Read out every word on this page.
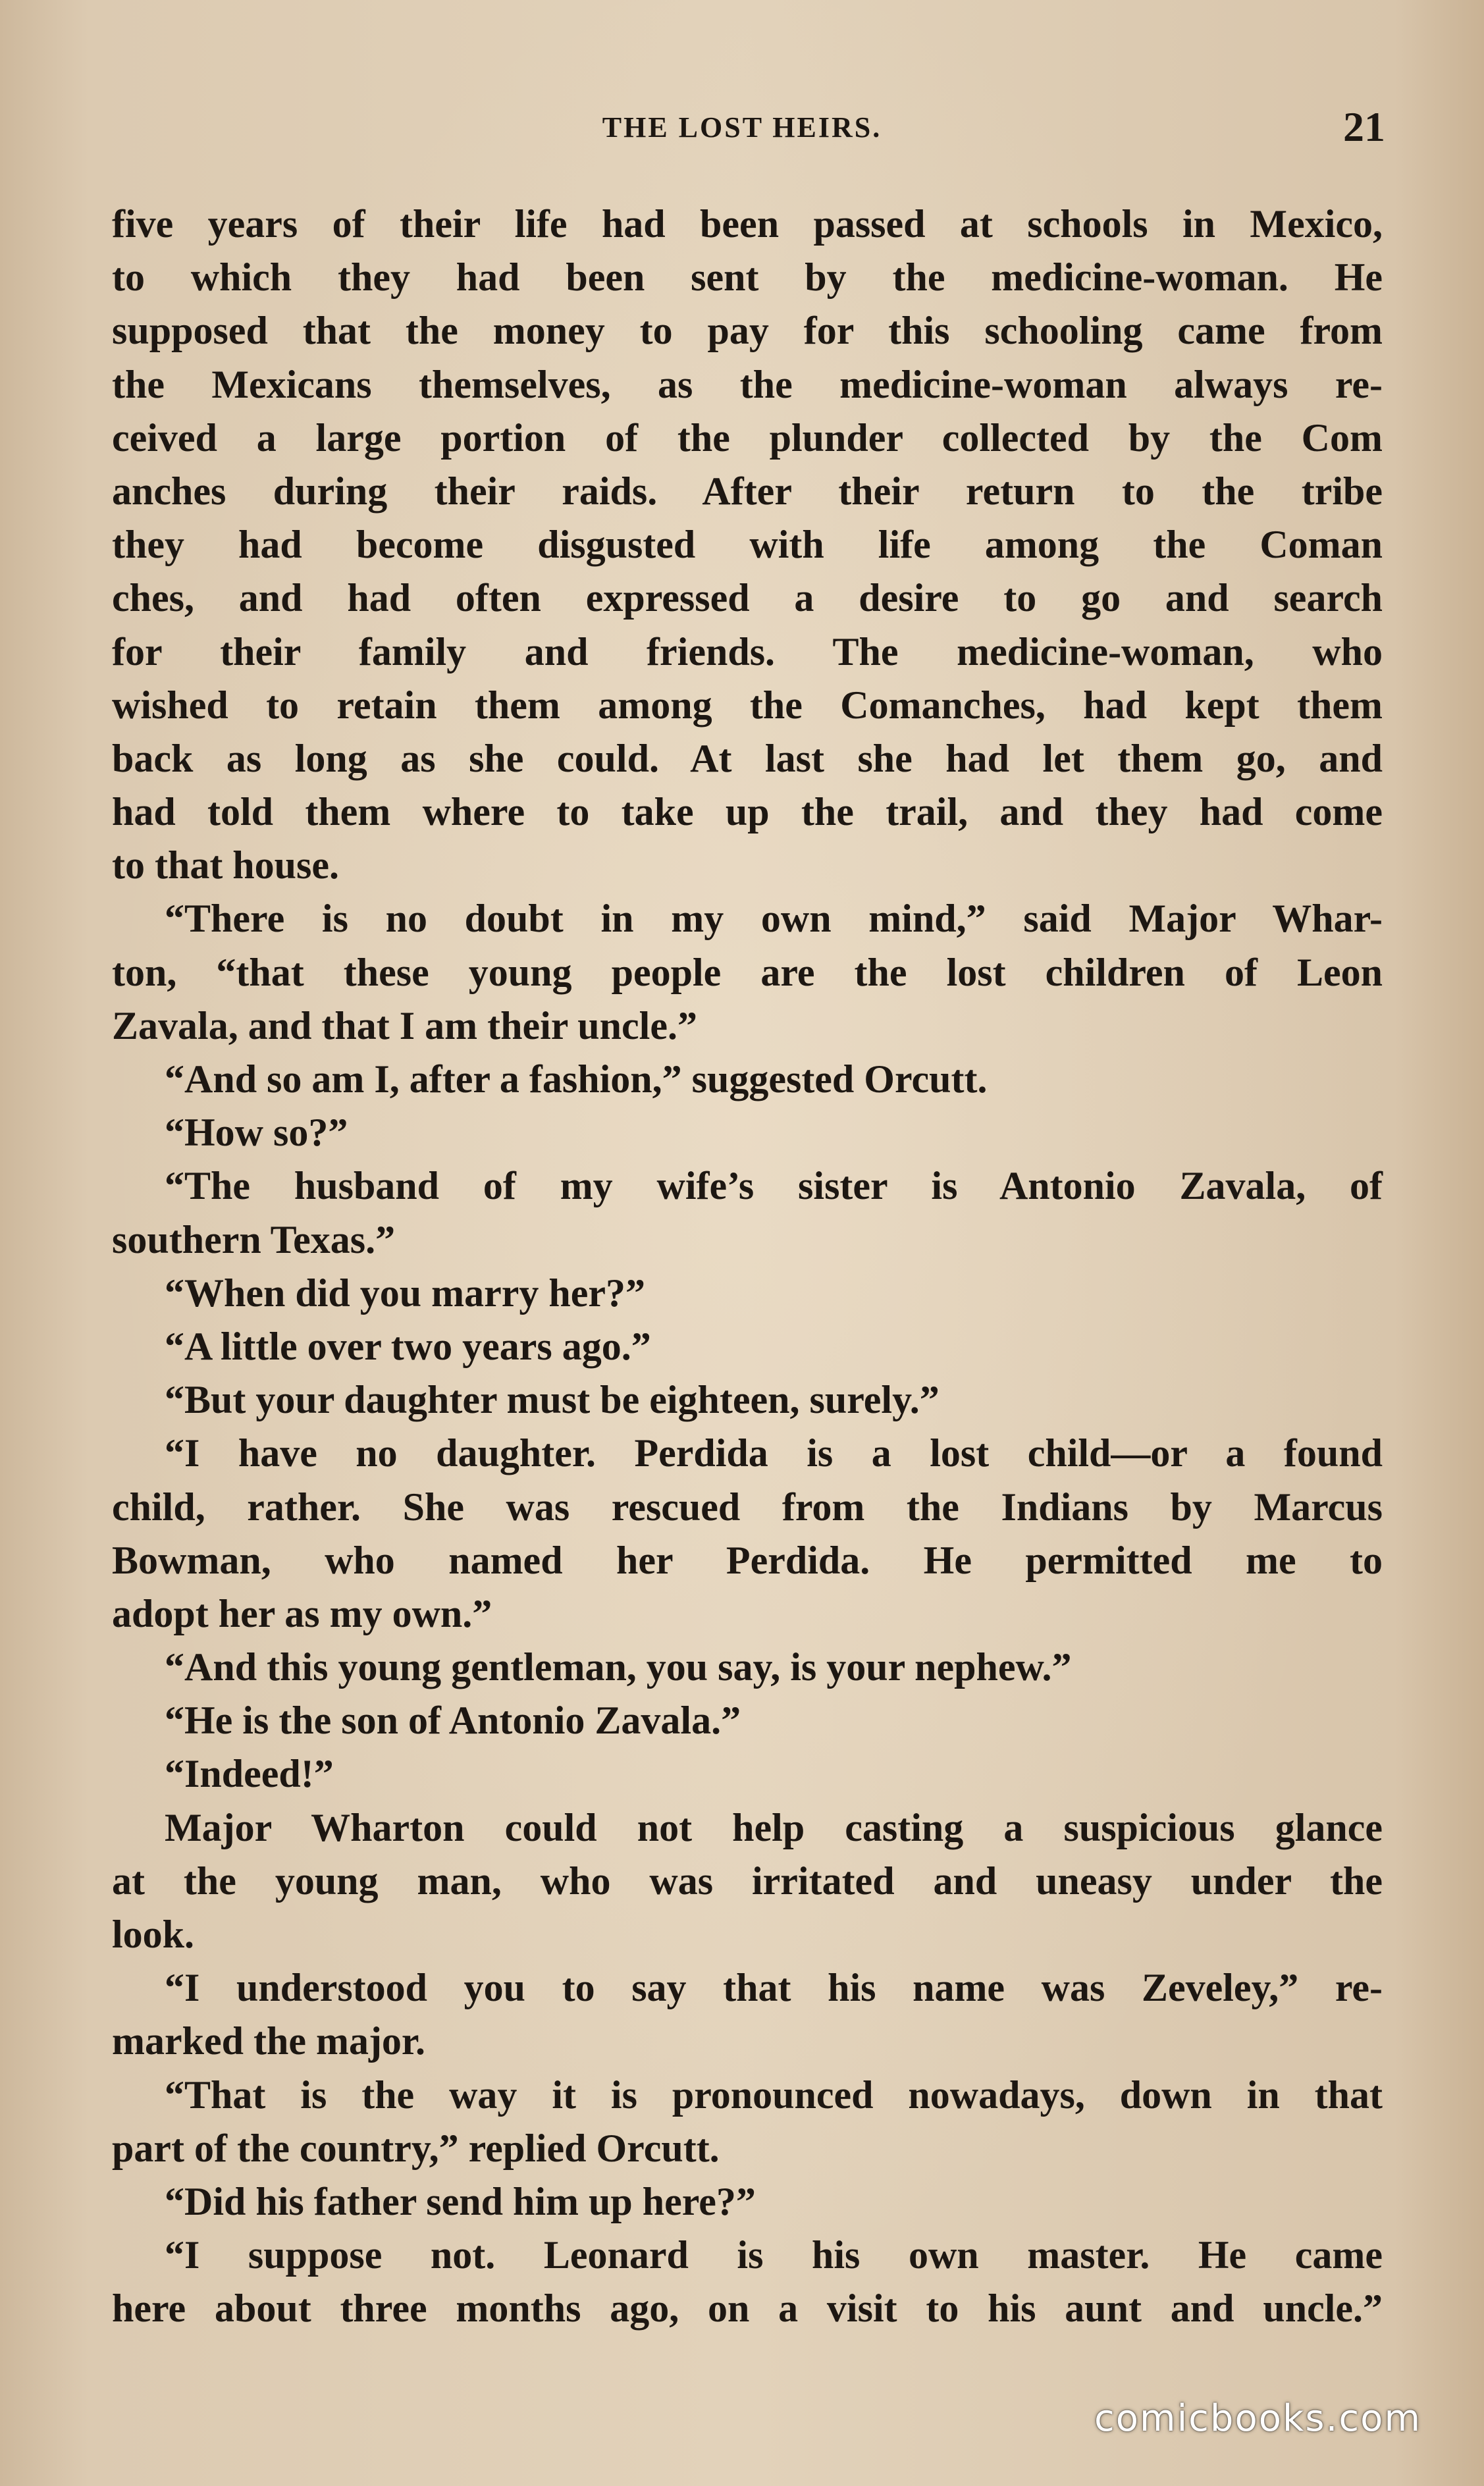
THE LOST HEIRS.	21
five years of their life had been passed at schools in Mexico,
to which they had been sent by the medicine-woman. He
supposed that the money to pay for this schooling came from
the Mexicans themselves, as the medicine-woman always re-
ceived a large portion of the plunder collected by the Com
anches during their raids. After their return to the tribe
they had become disgusted with life among the Coman
ches, and had often expressed a desire to go and search
for their family and friends. The medicine-woman, who
wished to retain them among the Comanches, had kept them
back as long as she could. At last she had let them go, and
had told them where to take up the trail, and they had come
to that house.
“There is no doubt in my own mind,” said Major Whar-
ton, “that these young people are the lost children of Leon
Zavala, and that I am their uncle.”
“And so am I, after a fashion,” suggested Orcutt.
“How so?”
“The husband of my wife’s sister is Antonio Zavala, of
southern Texas.”
“When did you marry her?”
“A little over two years ago.”
“But your daughter must be eighteen, surely.”
“I have no daughter. Perdida is a lost child—or a found
child, rather. She was rescued from the Indians by Marcus
Bowman, who named her Perdida. He permitted me to
adopt her as my own.”
“And this young gentleman, you say, is your nephew.”
“He is the son of Antonio Zavala.”
“Indeed!”
Major Wharton could not help casting a suspicious glance
at the young man, who was irritated and uneasy under the
look.
“I understood you to say that his name was Zeveley,” re-
marked the major.
“That is the way it is pronounced nowadays, down in that
part of the country,” replied Orcutt.
“Did his father send him up here?”
“I suppose not. Leonard is his own master. He came
here about three months ago, on a visit to his aunt and uncle.”
comicbooks.com
